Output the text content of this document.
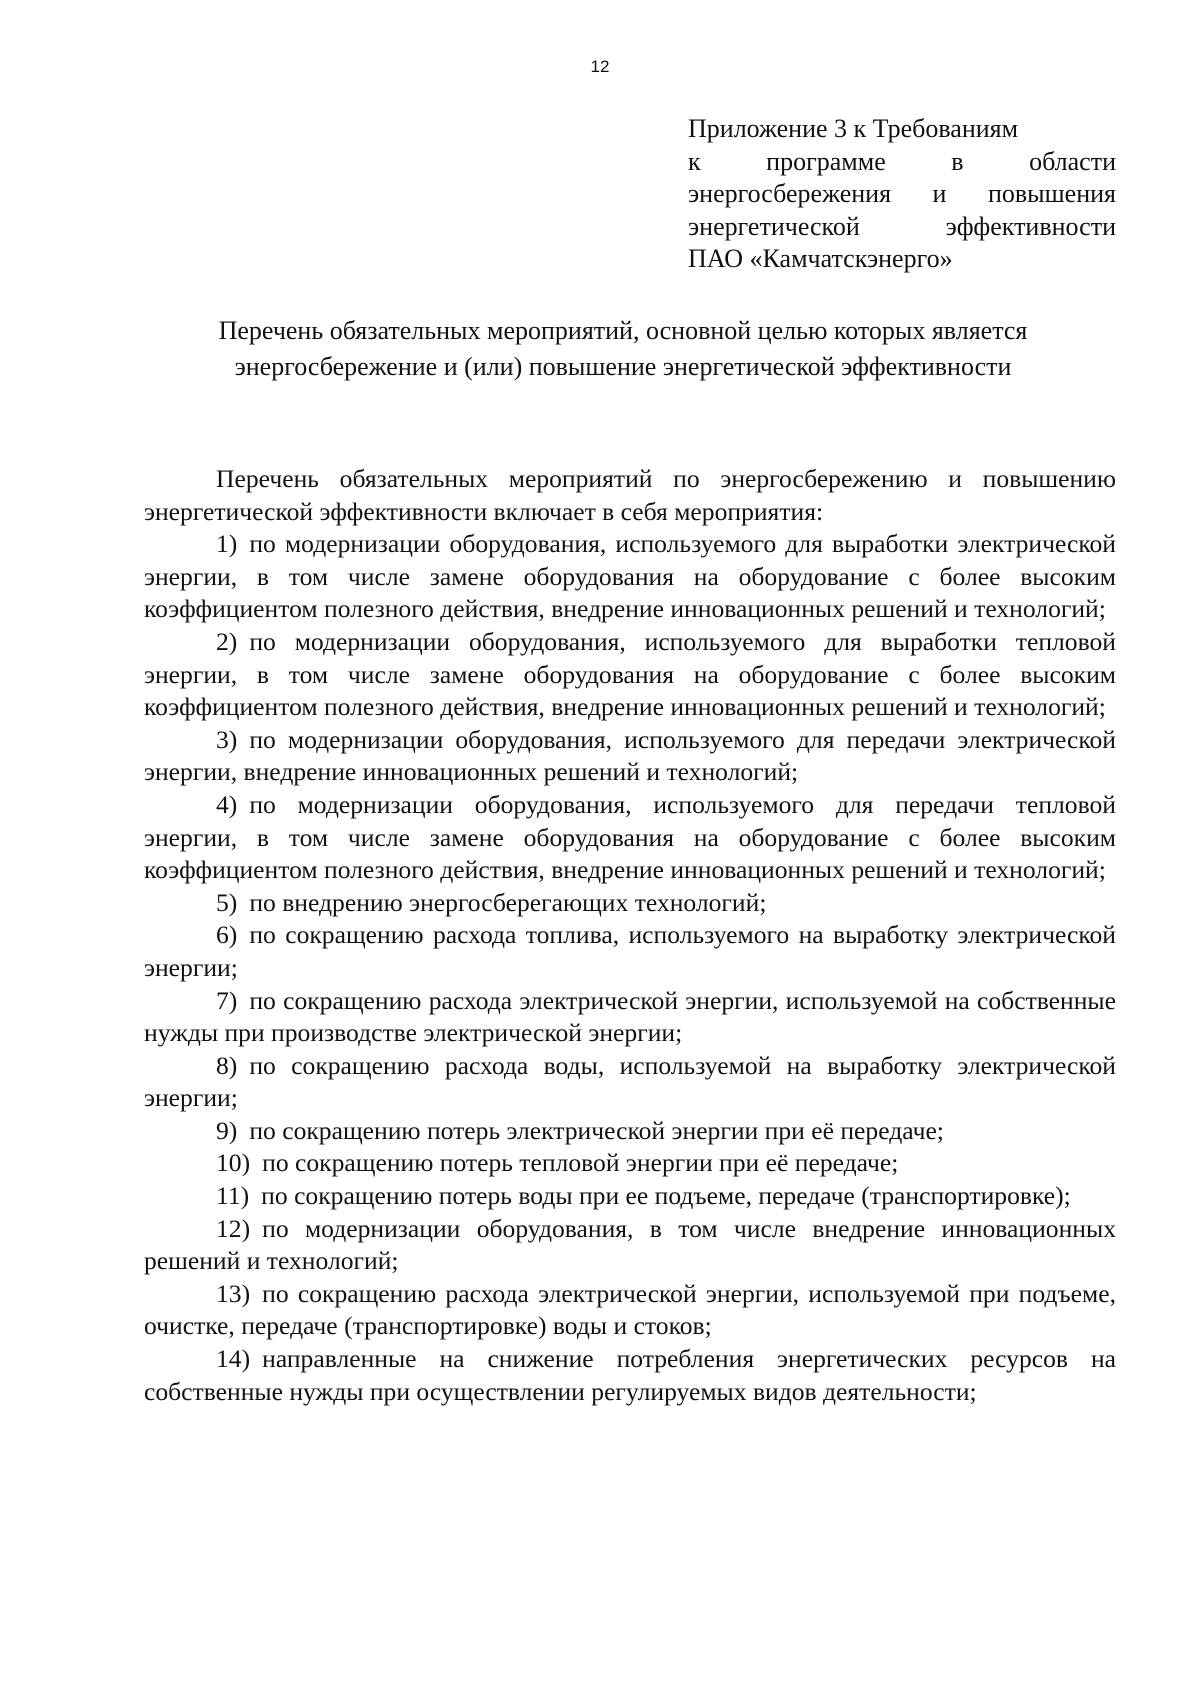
12
Приложение 3 к Требованиям
к программе в области
энергосбережения и повышения
энергетической эффективности
ПАО «Камчатскэнерго»
Перечень обязательных мероприятий, основной целью которых является
энергосбережение и (или) повышение энергетической эффективности

Перечень обязательных мероприятий по энергосбережению и повышению энергетической эффективности включает в себя мероприятия:

1) по модернизации оборудования, используемого для выработки электрической энергии, в том числе замене оборудования на оборудование с более высоким коэффициентом полезного действия, внедрение инновационных решений и технологий;

2) по модернизации оборудования, используемого для выработки тепловой энергии, в том числе замене оборудования на оборудование с более высоким коэффициентом полезного действия, внедрение инновационных решений и технологий;

3) по модернизации оборудования, используемого для передачи электрической энергии, внедрение инновационных решений и технологий;

4) по модернизации оборудования, используемого для передачи тепловой энергии, в том числе замене оборудования на оборудование с более высоким коэффициентом полезного действия, внедрение инновационных решений и технологий;

5) по внедрению энергосберегающих технологий;

6) по сокращению расхода топлива, используемого на выработку электрической энергии;

7) по сокращению расхода электрической энергии, используемой на собственные нужды при производстве электрической энергии;

8) по сокращению расхода воды, используемой на выработку электрической энергии;

9) по сокращению потерь электрической энергии при её передаче;

10) по сокращению потерь тепловой энергии при её передаче;

11) по сокращению потерь воды при ее подъеме, передаче (транспортировке);

12) по модернизации оборудования, в том числе внедрение инновационных решений и технологий;

13) по сокращению расхода электрической энергии, используемой при подъеме, очистке, передаче (транспортировке) воды и стоков;

14) направленные на снижение потребления энергетических ресурсов на собственные нужды при осуществлении регулируемых видов деятельности;
